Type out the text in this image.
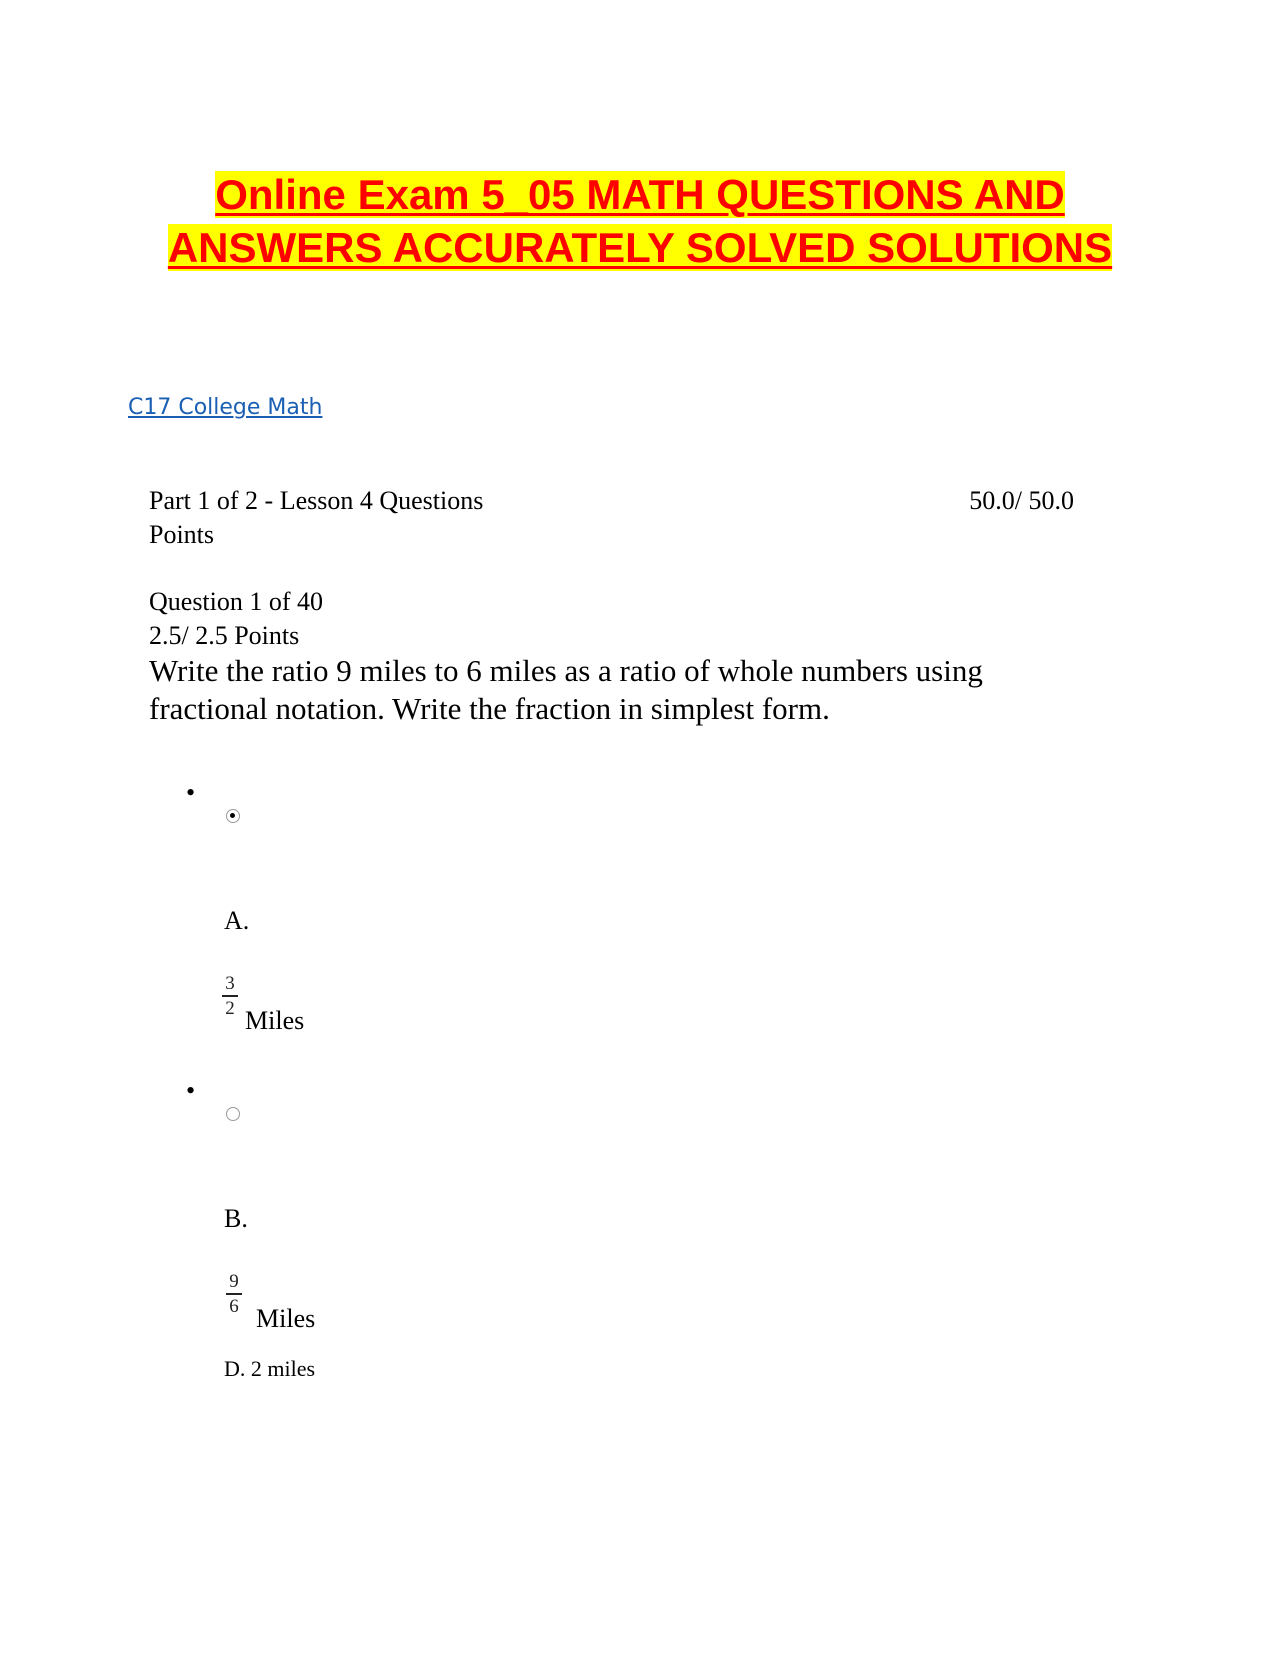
Online Exam 5_05 MATH QUESTIONS AND ANSWERS ACCURATELY SOLVED SOLUTIONS
C17 College Math
Part 1 of 2 - Lesson 4 Questions	50.0/ 50.0
Points
Question 1 of 40
2.5/ 2.5 Points
Write the ratio 9 miles to 6 miles as a ratio of whole numbers using fractional notation. Write the fraction in simplest form.
•
A.
3
2 Miles
•
B.
9
6 Miles
D. 2 miles
